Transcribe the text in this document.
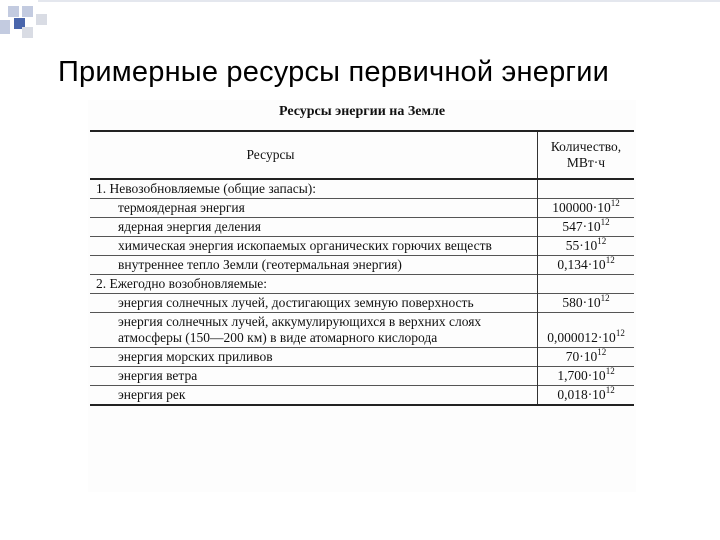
Примерные ресурсы первичной энергии
Ресурсы энергии на Земле
Ресурсы	Количество, МВт·ч
1. Невозобновляемые (общие запасы):	
термоядерная энергия	$100000\cdot 10^{12}$
ядерная энергия деления	$547\cdot 10^{12}$
химическая энергия ископаемых органических горючих веществ	$55\cdot 10^{12}$
внутреннее тепло Земли (геотермальная энергия)	$0,134\cdot 10^{12}$
2. Ежегодно возобновляемые:	
энергия солнечных лучей, достигающих земную поверхность	$580\cdot 10^{12}$
энергия солнечных лучей, аккумулирующихся в верхних слоях атмосферы (150—200 км) в виде атомарного кислорода	$0,000012\cdot 10^{12}$
энергия морских приливов	$70\cdot 10^{12}$
энергия ветра	$1,700\cdot 10^{12}$
энергия рек	$0,018\cdot 10^{12}$
